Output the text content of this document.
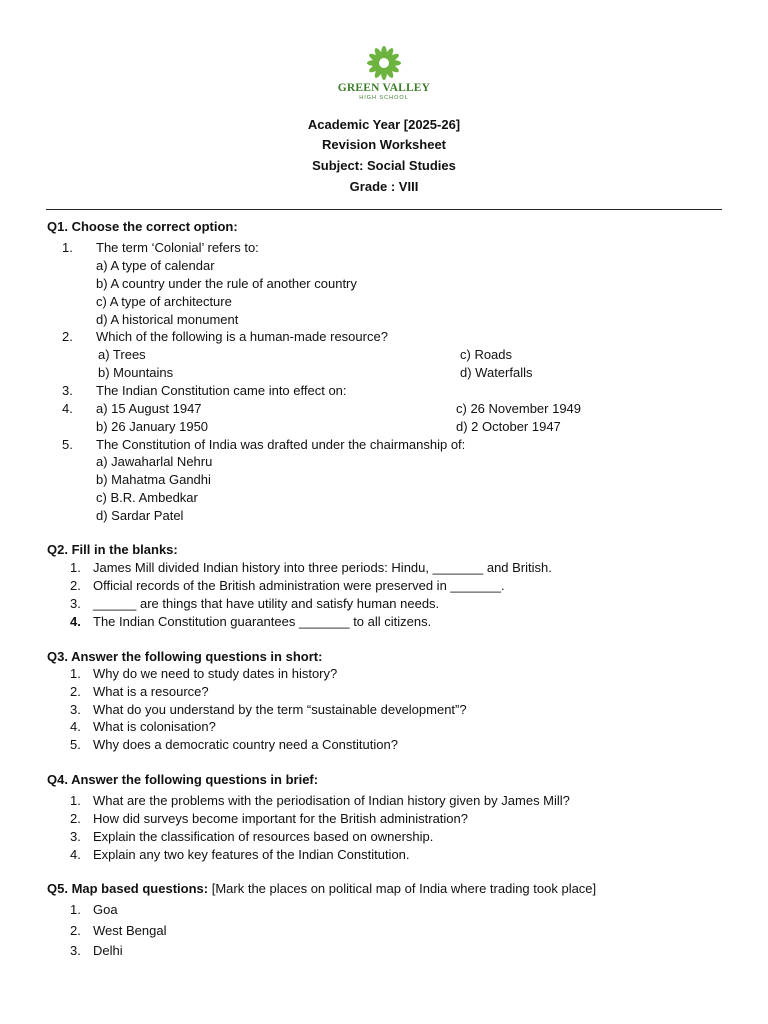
GREEN VALLEY
HIGH SCHOOL
Academic Year [2025-26]
Revision Worksheet
Subject: Social Studies
Grade : VIII
Q1. Choose the correct option:
1. The term ‘Colonial’ refers to:
a) A type of calendar
b) A country under the rule of another country
c) A type of architecture
d) A historical monument
2. Which of the following is a human-made resource?
a) Trees	c) Roads
b) Mountains	d) Waterfalls
3. The Indian Constitution came into effect on:
4. a) 15 August 1947	c) 26 November 1949
b) 26 January 1950	d) 2 October 1947
5. The Constitution of India was drafted under the chairmanship of:
a) Jawaharlal Nehru
b) Mahatma Gandhi
c) B.R. Ambedkar
d) Sardar Patel
Q2. Fill in the blanks:
1. James Mill divided Indian history into three periods: Hindu, _______ and British.
2. Official records of the British administration were preserved in _______.
3. ______ are things that have utility and satisfy human needs.
4. The Indian Constitution guarantees _______ to all citizens.
Q3. Answer the following questions in short:
1. Why do we need to study dates in history?
2. What is a resource?
3. What do you understand by the term “sustainable development”?
4. What is colonisation?
5. Why does a democratic country need a Constitution?
Q4. Answer the following questions in brief:
1. What are the problems with the periodisation of Indian history given by James Mill?
2. How did surveys become important for the British administration?
3. Explain the classification of resources based on ownership.
4. Explain any two key features of the Indian Constitution.
Q5. Map based questions: [Mark the places on political map of India where trading took place]
1. Goa
2. West Bengal
3. Delhi
